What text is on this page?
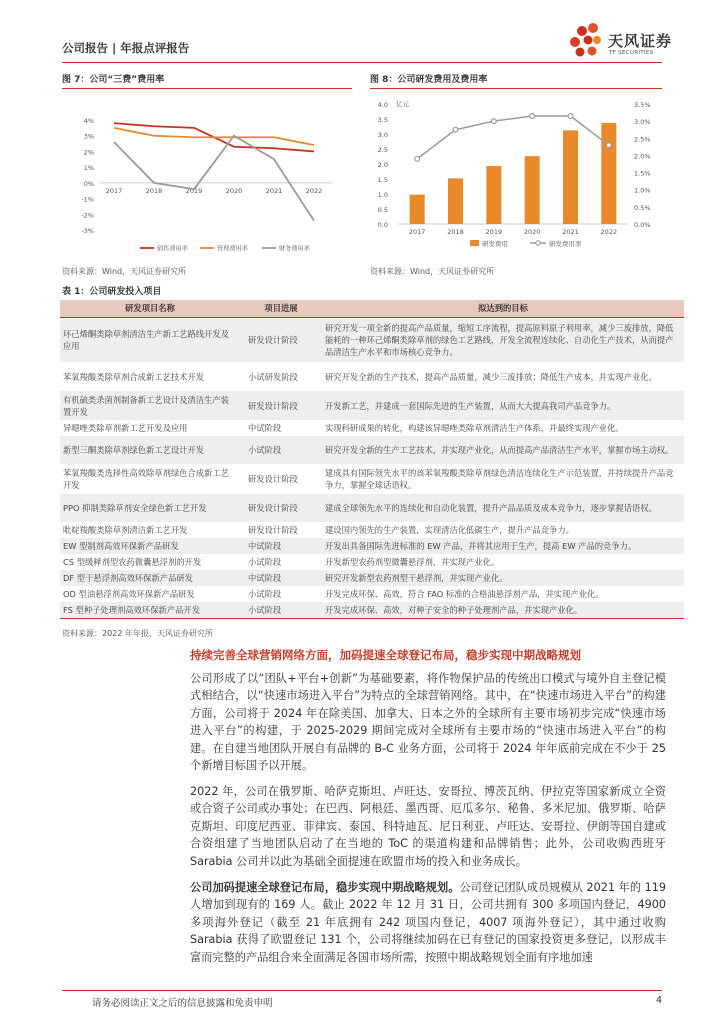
公司报告 | 年报点评报告	天风证券
TF SECURITIES
图 7：公司“三费”费用率
4%
3%
2%
1%
0%
-1%
-2%
-3%
2017	2018	2019	2020	2021	2022
销售费用率	管理费用率	财务费用率
资料来源：Wind，天风证券研究所
图 8：公司研发费用及费用率
4.0
3.5
3.0
2.5
2.0
1.5
1.0
0.5
0.0
3.5%
3.0%
2.5%
2.0%
1.5%
1.0%
0.5%
0.0%
亿元
2017	2018	2019	2020	2021	2022
研发费用	研发费用率
资料来源：Wind，天风证券研究所
表 1：公司研发投入项目
研发项目名称	项目进展	拟达到的目标
环己烯酮类除草剂清洁生产新工艺路线开发及应用	研发设计阶段	研究开发一项全新的提高产品质量，缩短工序流程，提高原料原子利用率，减少三废排放，降低能耗的一种环己烯酮类除草剂的绿色工艺路线，开发全流程连续化、自动化生产技术，从而提产品清洁生产水平和市场核心竞争力。
苯氧羧酸类除草剂合成新工艺技术开发	小试研发阶段	研究开发全新的生产技术，提高产品质量，减少三废排放；降低生产成本，并实现产业化。
有机硫类杀菌剂制备新工艺设计及清洁生产装置开发	研发设计阶段	开发新工艺，并建成一套国际先进的生产装置，从而大大提高我司产品竞争力。
异噁唑类除草剂新工艺开发及应用	中试阶段	实现科研成果的转化，构建该异噁唑类除草剂清洁生产体系，并最终实现产业化。
新型三酮类除草剂绿色新工艺设计开发	小试阶段	研究开发全新的生产工艺技术，并实现产业化，从而提高产品清洁生产水平，掌握市场主动权。
苯氧羧酸类选择性高效除草剂绿色合成新工艺开发	研发设计阶段	建成具有国际领先水平的该苯氧羧酸类除草剂绿色清洁连续化生产示范装置，并持续提升产品竞争力，掌握全球话语权。
PPO 抑制类除草剂安全绿色新工艺开发	研发设计阶段	建成全球领先水平的连续化和自动化装置，提升产品品质及成本竞争力，逐步掌握话语权。
吡啶羧酸类除草剂清洁新工艺开发	研发设计阶段	建设国内领先的生产装置，实现清洁化低碳生产，提升产品竞争力。
EW 型制剂高效环保新产品研发	中试阶段	开发出具备国际先进标准的 EW 产品，并将其应用于生产，提高 EW 产品的竞争力。
CS 型缓释剂型农药微囊悬浮剂的开发	小试阶段	开发新型农药剂型微囊悬浮剂，并实现产业化。
DF 型干悬浮剂高效环保新产品研发	中试阶段	研究开发新型农药剂型干悬浮剂，并实现产业化。
OD 型油悬浮剂高效环保新产品研发	小试阶段	开发完成环保、高效，符合 FAO 标准的合格油悬浮剂产品，并实现产业化。
FS 型种子处理剂高效环保新产品开发	小试阶段	开发完成环保、高效，对种子安全的种子处理剂产品，并实现产业化。
资料来源：2022 年年报、天风证券研究所
持续完善全球营销网络方面，加码提速全球登记布局，稳步实现中期战略规划

公司形成了以“团队+平台+创新”为基础要素，将作物保护品的传统出口模式与境外自主登记模式相结合，以“快速市场进入平台”为特点的全球营销网络。其中，在“快速市场进入平台”的构建方面，公司将于 2024 年在除美国、加拿大、日本之外的全球所有主要市场初步完成“快速市场进入平台”的构建，于 2025-2029 期间完成对全球所有主要市场的“快速市场进入平台”的构建。在自建当地团队开展自有品牌的 B-C 业务方面，公司将于 2024 年年底前完成在不少于 25 个新增目标国予以开展。

2022 年，公司在俄罗斯、哈萨克斯坦、卢旺达、安哥拉、博茨瓦纳、伊拉克等国家新成立全资或合资子公司或办事处；在巴西、阿根廷、墨西哥、厄瓜多尔、秘鲁、多米尼加、俄罗斯、哈萨克斯坦、印度尼西亚、菲律宾、泰国、科特迪瓦、尼日利亚、卢旺达、安哥拉、伊朗等国自建或合资组建了当地团队启动了在当地的 ToC 的渠道构建和品牌销售；此外，公司收购西班牙 Sarabia 公司并以此为基础全面提速在欧盟市场的投入和业务成长。

公司加码提速全球登记布局，稳步实现中期战略规划。公司登记团队成员规模从 2021 年的 119 人增加到现有的 169 人。截止 2022 年 12 月 31 日，公司共拥有 300 多项国内登记，4900 多项海外登记（截至 21 年底拥有 242 项国内登记，4007 项海外登记），其中通过收购 Sarabia 获得了欧盟登记 131 个，公司将继续加码在已有登记的国家投资更多登记，以形成丰富而完整的产品组合来全面满足各国市场所需，按照中期战略规划全面有序地加速

请务必阅读正文之后的信息披露和免责申明	4
